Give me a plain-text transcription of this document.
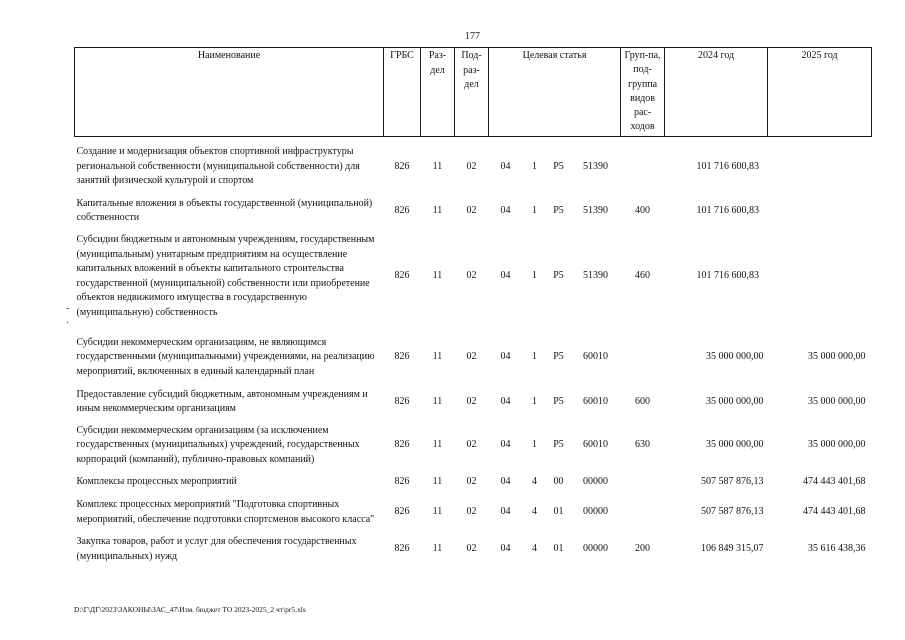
177
Наименование	ГРБС	Раз-дел	Под-раз-дел	Целевая статья				Груп-па, под-группа видов рас-ходов	2024 год	2025 год
Создание и модернизация объектов спортивной инфраструктуры региональной собственности (муниципальной собственности) для занятий физической культурой и спортом	826	11	02	04	1	P5	51390		101 716 600,83	
Капитальные вложения в объекты государственной (муниципальной) собственности	826	11	02	04	1	P5	51390	400	101 716 600,83	
Субсидии бюджетным и автономным учреждениям, государственным (муниципальным) унитарным предприятиям на осуществление капитальных вложений в объекты капитального строительства государственной (муниципальной) собственности или приобретение объектов недвижимого имущества в государственную (муниципальную) собственность	826	11	02	04	1	P5	51390	460	101 716 600,83	
Субсидии некоммерческим организациям, не являющимся государственными (муниципальными) учреждениями, на реализацию мероприятий, включенных в единый календарный план	826	11	02	04	1	P5	60010		35 000 000,00	35 000 000,00
Предоставление субсидий бюджетным, автономным учреждениям и иным некоммерческим организациям	826	11	02	04	1	P5	60010	600	35 000 000,00	35 000 000,00
Субсидии некоммерческим организациям (за исключением государственных (муниципальных) учреждений, государственных корпораций (компаний), публично-правовых компаний)	826	11	02	04	1	P5	60010	630	35 000 000,00	35 000 000,00
Комплексы процессных мероприятий	826	11	02	04	4	00	00000		507 587 876,13	474 443 401,68
Комплекс процессных мероприятий "Подготовка спортивных мероприятий, обеспечение подготовки спортсменов высокого класса"	826	11	02	04	4	01	00000		507 587 876,13	474 443 401,68
Закупка товаров, работ и услуг для обеспечения государственных (муниципальных) нужд	826	11	02	04	4	01	00000	200	106 849 315,07	35 616 438,36
-
·
D:\Г\ДГ\2023\ЗАКОНЫ\ЗАС_47\Изм. бюджет ТО 2023-2025_2 чт\pr5.xls
